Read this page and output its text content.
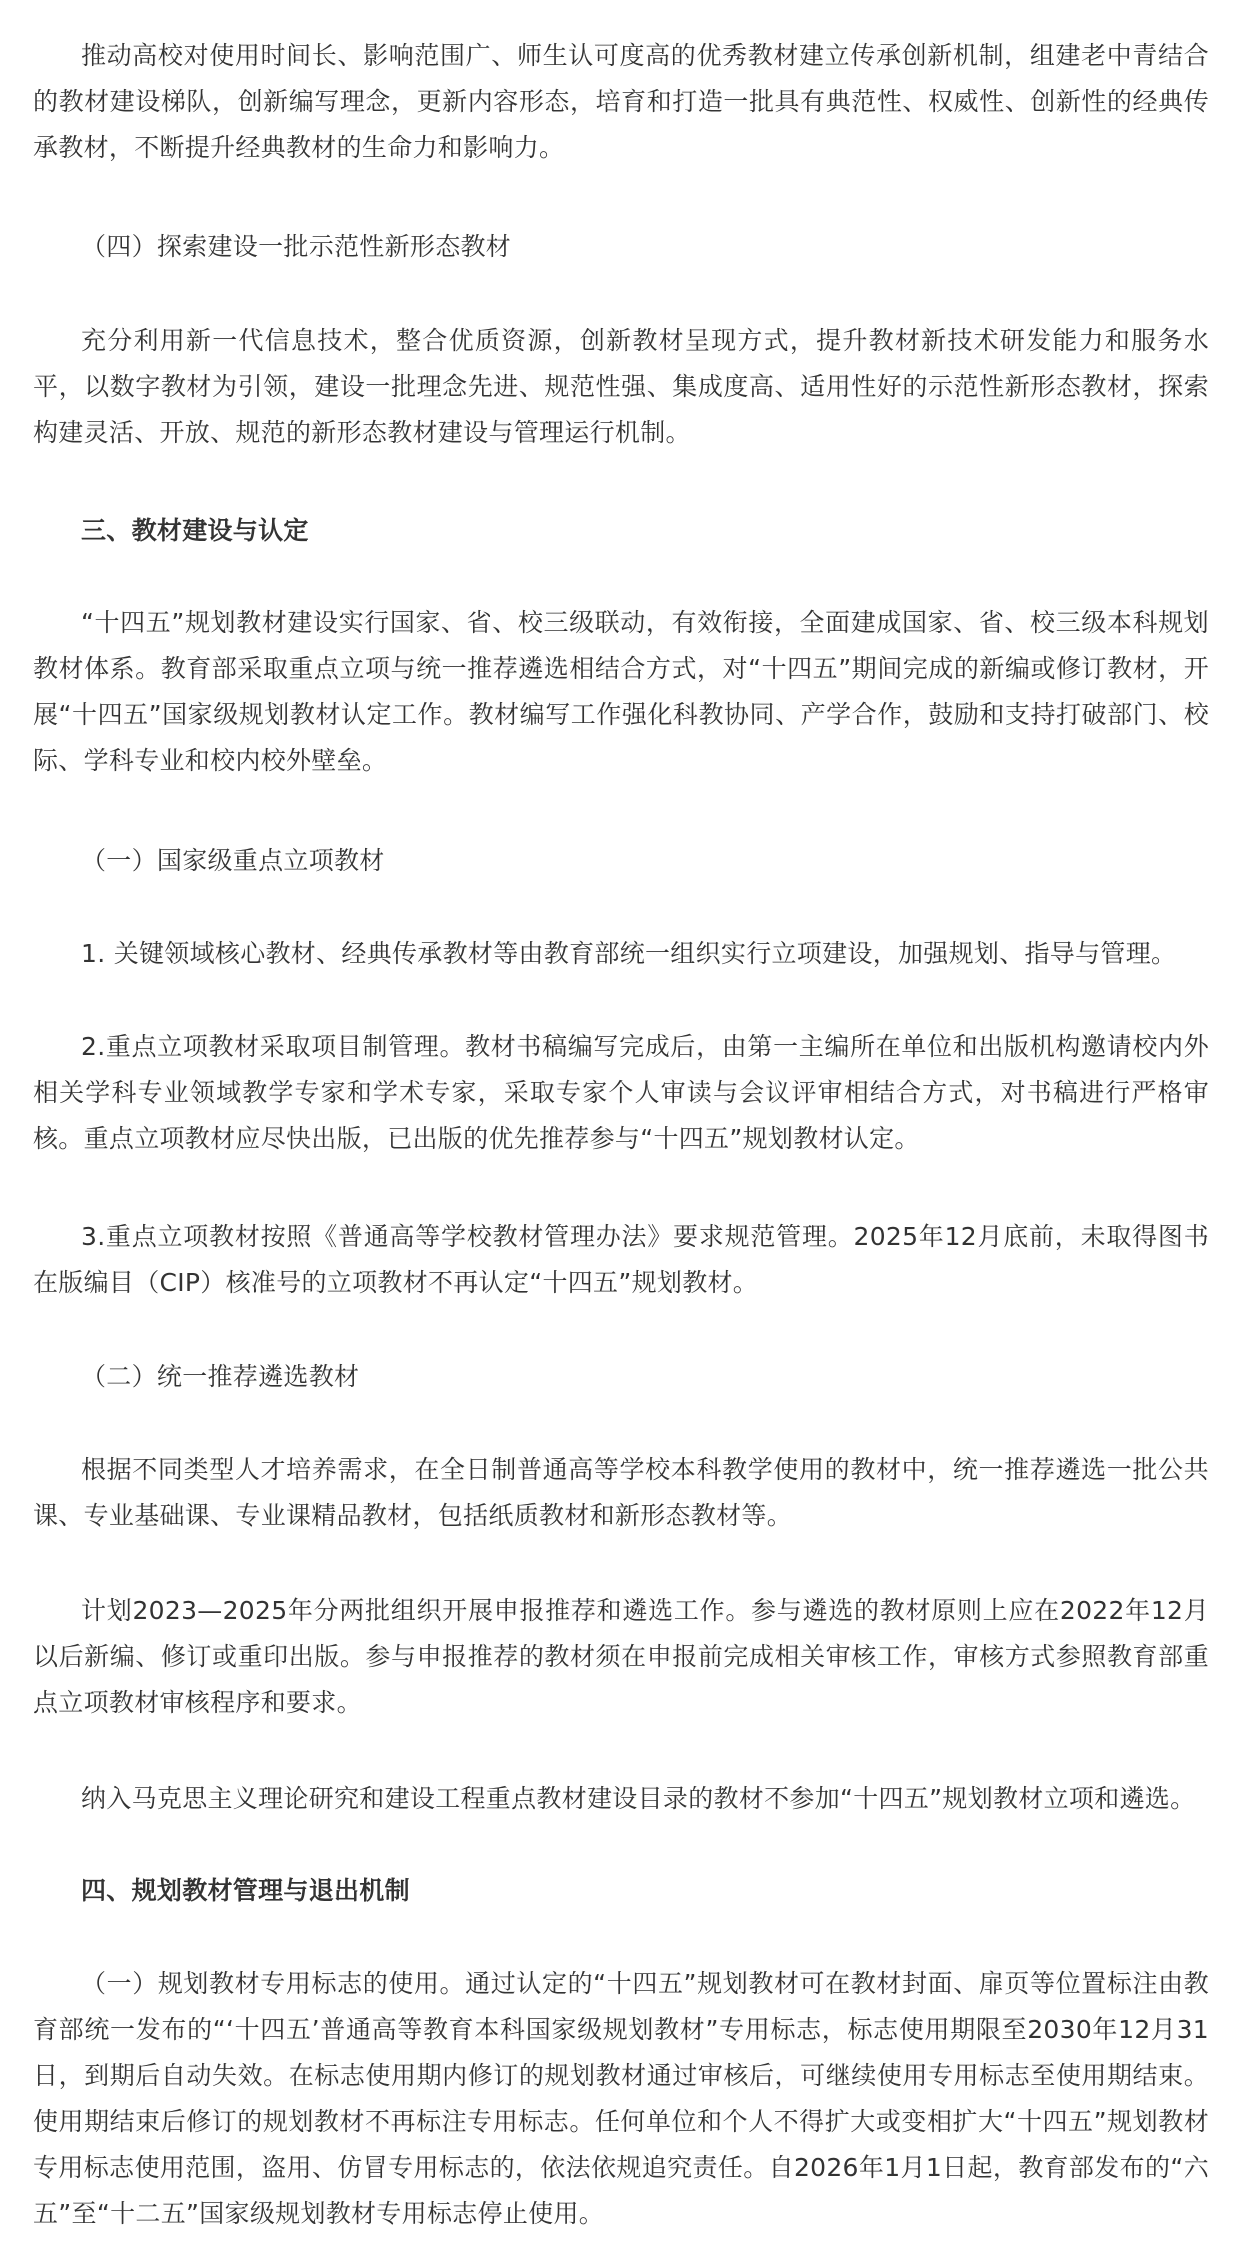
推动高校对使用时间长、影响范围广、师生认可度高的优秀教材建立传承创新机制，组建老中青结合的教材建设梯队，创新编写理念，更新内容形态，培育和打造一批具有典范性、权威性、创新性的经典传承教材，不断提升经典教材的生命力和影响力。

（四）探索建设一批示范性新形态教材

充分利用新一代信息技术，整合优质资源，创新教材呈现方式，提升教材新技术研发能力和服务水平，以数字教材为引领，建设一批理念先进、规范性强、集成度高、适用性好的示范性新形态教材，探索构建灵活、开放、规范的新形态教材建设与管理运行机制。

三、教材建设与认定

“十四五”规划教材建设实行国家、省、校三级联动，有效衔接，全面建成国家、省、校三级本科规划教材体系。教育部采取重点立项与统一推荐遴选相结合方式，对“十四五”期间完成的新编或修订教材，开展“十四五”国家级规划教材认定工作。教材编写工作强化科教协同、产学合作，鼓励和支持打破部门、校际、学科专业和校内校外壁垒。

（一）国家级重点立项教材

1. 关键领域核心教材、经典传承教材等由教育部统一组织实行立项建设，加强规划、指导与管理。

2.重点立项教材采取项目制管理。教材书稿编写完成后，由第一主编所在单位和出版机构邀请校内外相关学科专业领域教学专家和学术专家，采取专家个人审读与会议评审相结合方式，对书稿进行严格审核。重点立项教材应尽快出版，已出版的优先推荐参与“十四五”规划教材认定。

3.重点立项教材按照《普通高等学校教材管理办法》要求规范管理。2025年12月底前，未取得图书在版编目（CIP）核准号的立项教材不再认定“十四五”规划教材。

（二）统一推荐遴选教材

根据不同类型人才培养需求，在全日制普通高等学校本科教学使用的教材中，统一推荐遴选一批公共课、专业基础课、专业课精品教材，包括纸质教材和新形态教材等。

计划2023—2025年分两批组织开展申报推荐和遴选工作。参与遴选的教材原则上应在2022年12月以后新编、修订或重印出版。参与申报推荐的教材须在申报前完成相关审核工作，审核方式参照教育部重点立项教材审核程序和要求。

纳入马克思主义理论研究和建设工程重点教材建设目录的教材不参加“十四五”规划教材立项和遴选。

四、规划教材管理与退出机制

（一）规划教材专用标志的使用。通过认定的“十四五”规划教材可在教材封面、扉页等位置标注由教育部统一发布的“‘十四五’普通高等教育本科国家级规划教材”专用标志，标志使用期限至2030年12月31日，到期后自动失效。在标志使用期内修订的规划教材通过审核后，可继续使用专用标志至使用期结束。使用期结束后修订的规划教材不再标注专用标志。任何单位和个人不得扩大或变相扩大“十四五”规划教材专用标志使用范围，盗用、仿冒专用标志的，依法依规追究责任。自2026年1月1日起，教育部发布的“六五”至“十二五”国家级规划教材专用标志停止使用。
